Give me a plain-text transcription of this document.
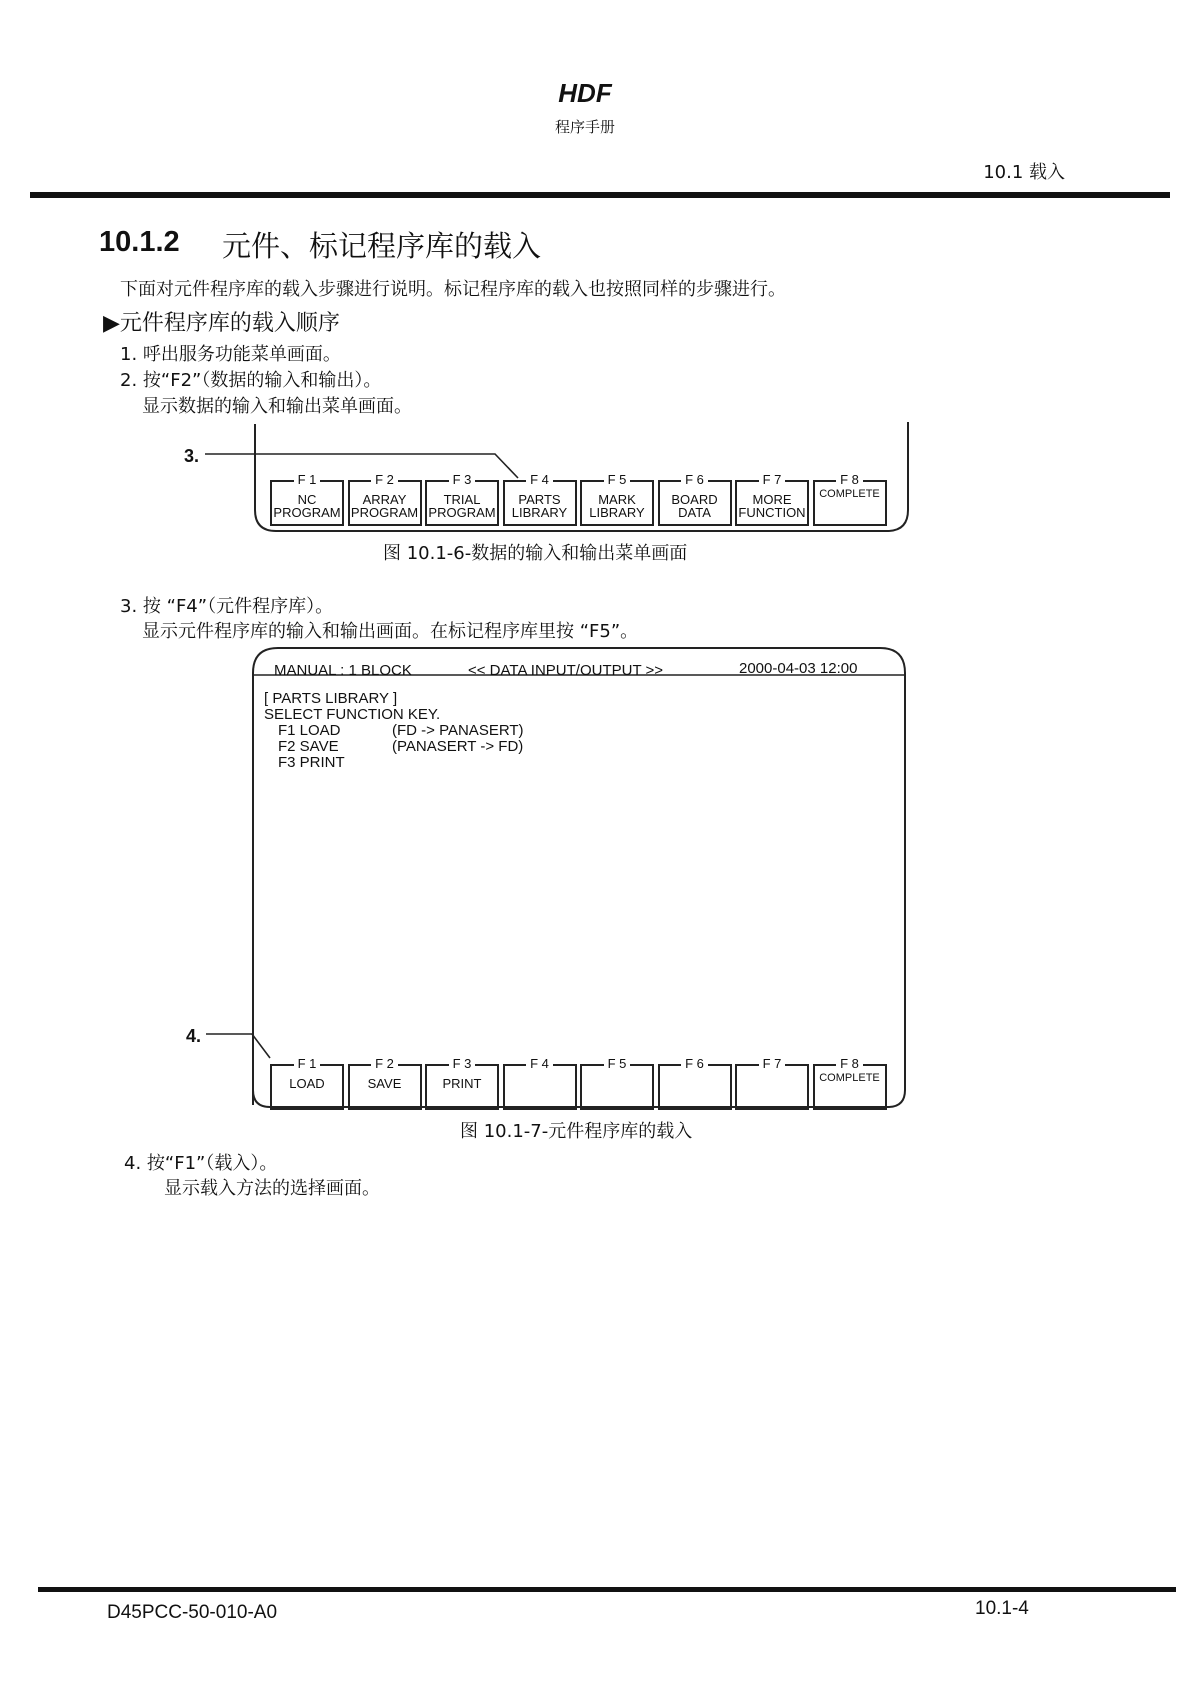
HDF
程序手册
10.1 载入
10.1.2 元件、标记程序库的载入
下面对元件程序库的载入步骤进行说明。标记程序库的载入也按照同样的步骤进行。
▶元件程序库的载入顺序
1. 呼出服务功能菜单画面。
2. 按“F2”（数据的输入和输出）。
显示数据的输入和输出菜单画面。
3.
F 1
NC
PROGRAM
F 2
ARRAY
PROGRAM
F 3
TRIAL
PROGRAM
F 4
PARTS
LIBRARY
F 5
MARK
LIBRARY
F 6
BOARD
DATA
F 7
MORE
FUNCTION
F 8
COMPLETE
图 10.1-6-数据的输入和输出菜单画面
3. 按 “F4”（元件程序库）。
显示元件程序库的输入和输出画面。在标记程序库里按 “F5”。
MANUAL : 1 BLOCK	<< DATA INPUT/OUTPUT >>	2000-04-03 12:00
[ PARTS LIBRARY ]
SELECT FUNCTION KEY.
F1 LOAD	(FD -> PANASERT)
F2 SAVE	(PANASERT -> FD)
F3 PRINT
4.
F 1
LOAD
F 2
SAVE
F 3
PRINT
F 4	F 5	F 6	F 7	F 8
COMPLETE
图 10.1-7-元件程序库的载入
4. 按“F1”（载入）。
显示载入方法的选择画面。
D45PCC-50-010-A0	10.1-4
